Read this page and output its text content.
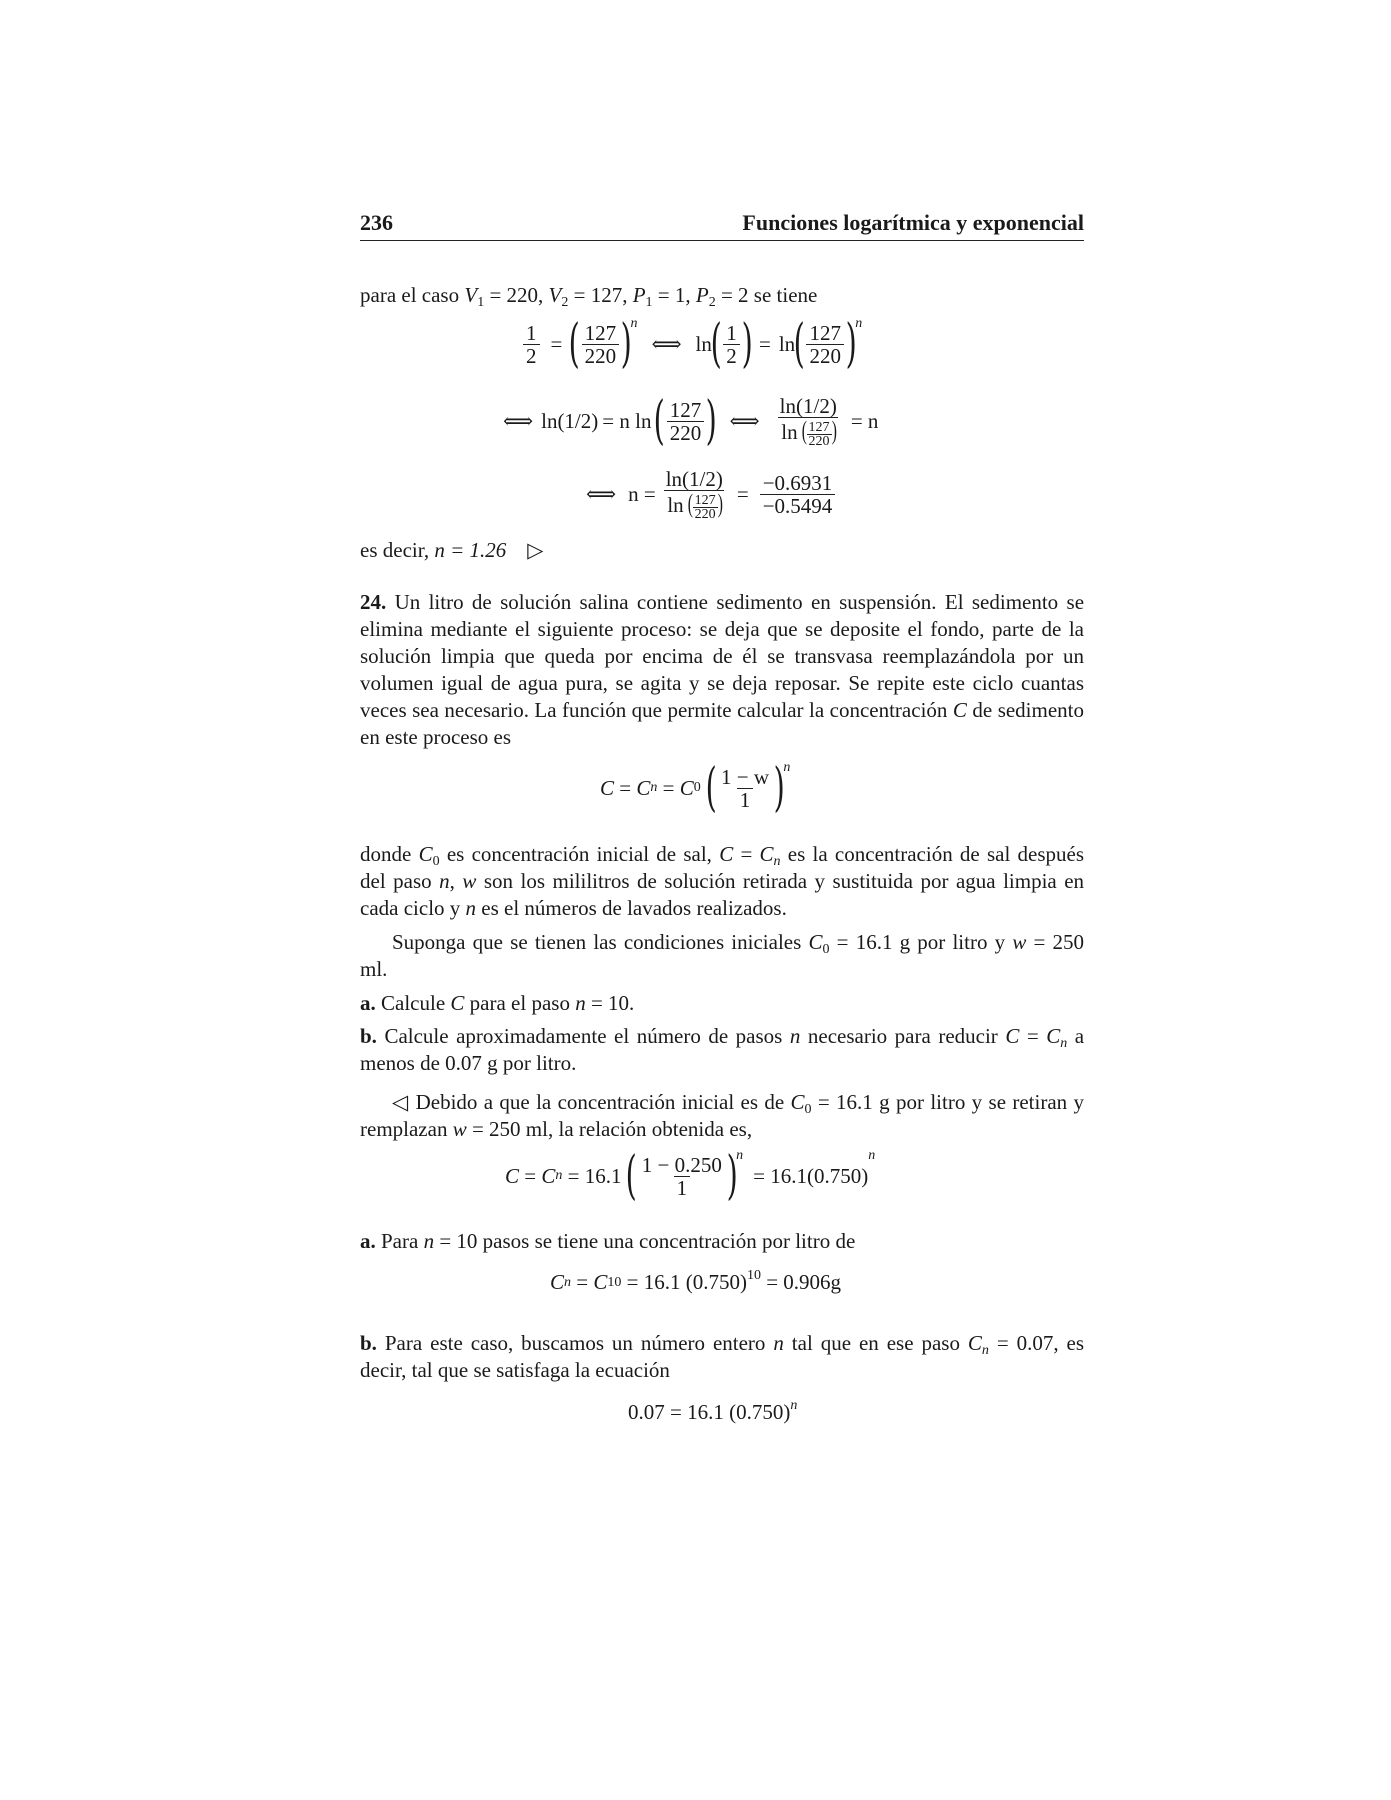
236	Funciones logarítmica y exponencial
para el caso $V_1 = 220$, $V_2 = 127$, $P_1 = 1$, $P_2 = 2$ se tiene
$\frac{1}{2}$ = ( $\frac{127}{220}$ )
n
⟺ ln
( $\frac{1}{2}$ ) = ln
( $\frac{127}{220}$ )
n
⟺ ln(1/2) = n ln ( $\frac{127}{220}$ ) ⟺ $\frac{\ln(1/2)}{\ln ( \frac{127}{220} )} = n$
⟺ $n = \frac{\ln(1/2)}{\ln ( \frac{127}{220} )} = \frac{-0.6931}{-0.5494}$
es decir, n = 1.26 ▷
24. Un litro de solución salina contiene sedimento en suspensión. El sedimento se elimina mediante el siguiente proceso: se deja que se deposite el fondo, parte de la solución limpia que queda por encima de él se transvasa reemplazándola por un volumen igual de agua pura, se agita y se deja reposar. Se repite este ciclo cuantas veces sea necesario. La función que permite calcular la concentración C de sedimento en este proceso es
C = C n = C 0 ( $\frac{1 - w}{1}$ )
n
donde $C_0$ es concentración inicial de sal, $C = C_n$ es la concentración de sal después del paso n, w son los mililitros de solución retirada y sustituida por agua limpia en cada ciclo y n es el números de lavados realizados.
Suponga que se tienen las condiciones iniciales $C_0 = 16.1$ g por litro y w = 250 ml.
a. Calcule C para el paso n = 10.
b. Calcule aproximadamente el número de pasos n necesario para reducir $C = C_n$ a menos de 0.07 g por litro.
◁ Debido a que la concentración inicial es de $C_0 = 16.1$ g por litro y se retiran y remplazan w = 250 ml, la relación obtenida es,
C = C n
= 16.1 ( $\frac{1 - 0.250}{1}$ )
n
= 16.1(0.750)
n
a. Para n = 10 pasos se tiene una concentración por litro de
C n = C 10
= 16.1 (0.750) 10
= 0.906g
b. Para este caso, buscamos un número entero n tal que en ese paso $C_n = 0.07$, es decir, tal que se satisfaga la ecuación
0.07 = 16.1 (0.750) n
